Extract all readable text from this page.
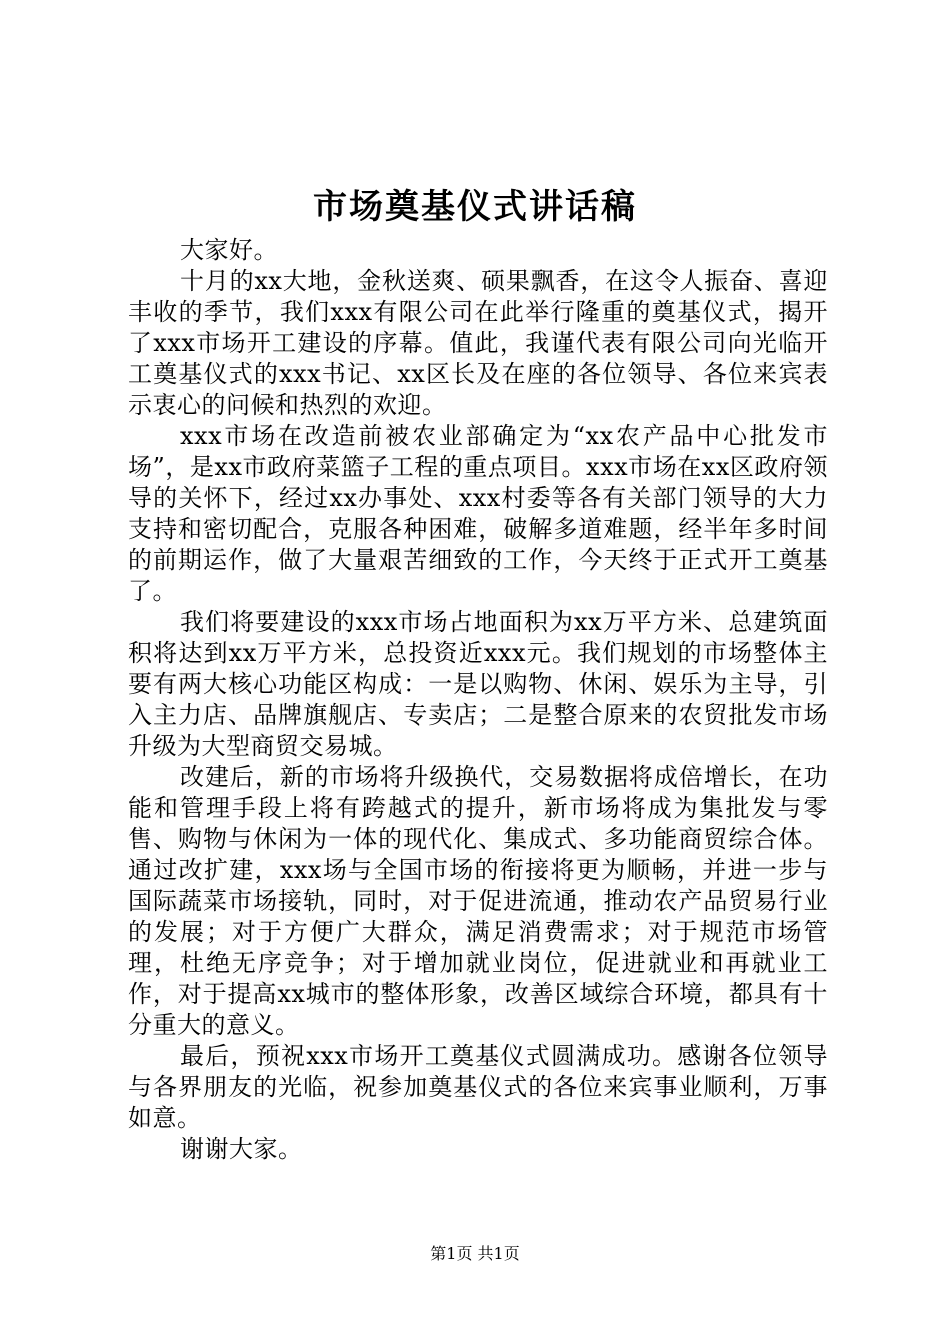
市场奠基仪式讲话稿

大家好。

十月的xx大地，金秋送爽、硕果飘香，在这令人振奋、喜迎丰收的季节，我们xxx有限公司在此举行隆重的奠基仪式，揭开了xxx市场开工建设的序幕。值此，我谨代表有限公司向光临开工奠基仪式的xxx书记、xx区长及在座的各位领导、各位来宾表示衷心的问候和热烈的欢迎。

xxx市场在改造前被农业部确定为“xx农产品中心批发市场”，是xx市政府菜篮子工程的重点项目。xxx市场在xx区政府领导的关怀下，经过xx办事处、xxx村委等各有关部门领导的大力支持和密切配合，克服各种困难，破解多道难题，经半年多时间的前期运作，做了大量艰苦细致的工作，今天终于正式开工奠基了。

我们将要建设的xxx市场占地面积为xx万平方米、总建筑面积将达到xx万平方米，总投资近xxx元。我们规划的市场整体主要有两大核心功能区构成：一是以购物、休闲、娱乐为主导，引入主力店、品牌旗舰店、专卖店；二是整合原来的农贸批发市场升级为大型商贸交易城。

改建后，新的市场将升级换代，交易数据将成倍增长，在功能和管理手段上将有跨越式的提升，新市场将成为集批发与零售、购物与休闲为一体的现代化、集成式、多功能商贸综合体。通过改扩建，xxx场与全国市场的衔接将更为顺畅，并进一步与国际蔬菜市场接轨，同时，对于促进流通，推动农产品贸易行业的发展；对于方便广大群众，满足消费需求；对于规范市场管理，杜绝无序竞争；对于增加就业岗位，促进就业和再就业工作，对于提高xx城市的整体形象，改善区域综合环境，都具有十分重大的意义。

最后，预祝xxx市场开工奠基仪式圆满成功。感谢各位领导与各界朋友的光临，祝参加奠基仪式的各位来宾事业顺利，万事如意。

谢谢大家。

第1页 共1页
